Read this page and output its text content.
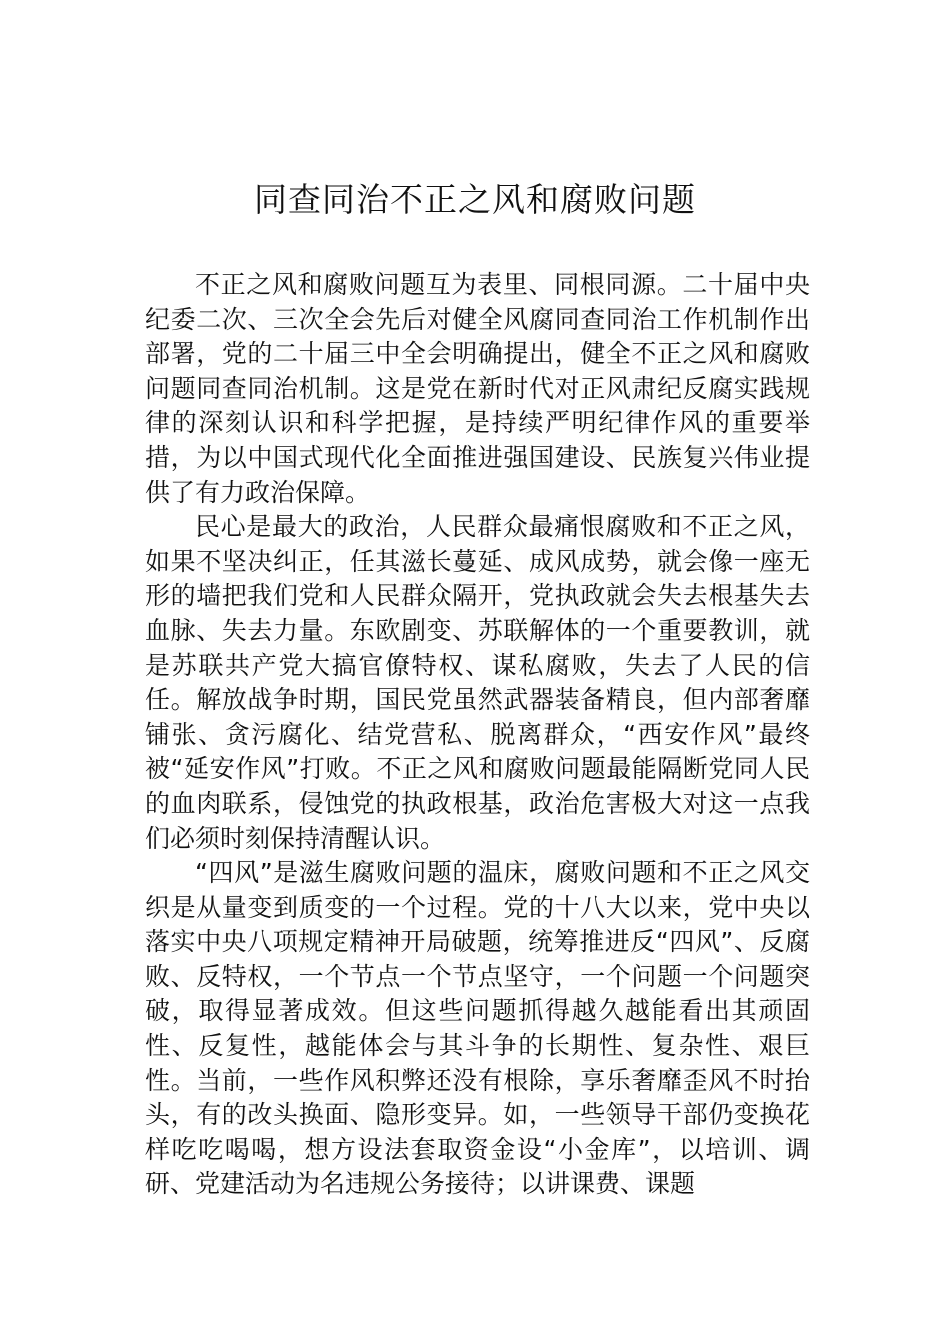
同查同治不正之风和腐败问题

不正之风和腐败问题互为表里、同根同源。二十届中央纪委二次、三次全会先后对健全风腐同查同治工作机制作出部署，党的二十届三中全会明确提出，健全不正之风和腐败问题同查同治机制。这是党在新时代对正风肃纪反腐实践规律的深刻认识和科学把握，是持续严明纪律作风的重要举措，为以中国式现代化全面推进强国建设、民族复兴伟业提供了有力政治保障。

民心是最大的政治，人民群众最痛恨腐败和不正之风，如果不坚决纠正，任其滋长蔓延、成风成势，就会像一座无形的墙把我们党和人民群众隔开，党执政就会失去根基失去血脉、失去力量。东欧剧变、苏联解体的一个重要教训，就是苏联共产党大搞官僚特权、谋私腐败，失去了人民的信任。解放战争时期，国民党虽然武器装备精良，但内部奢靡铺张、贪污腐化、结党营私、脱离群众，“西安作风”最终被“延安作风”打败。不正之风和腐败问题最能隔断党同人民的血肉联系，侵蚀党的执政根基，政治危害极大对这一点我们必须时刻保持清醒认识。

“四风”是滋生腐败问题的温床，腐败问题和不正之风交织是从量变到质变的一个过程。党的十八大以来，党中央以落实中央八项规定精神开局破题，统筹推进反“四风”、反腐败、反特权，一个节点一个节点坚守，一个问题一个问题突破，取得显著成效。但这些问题抓得越久越能看出其顽固性、反复性，越能体会与其斗争的长期性、复杂性、艰巨性。当前，一些作风积弊还没有根除，享乐奢靡歪风不时抬头，有的改头换面、隐形变异。如，一些领导干部仍变换花样吃吃喝喝，想方设法套取资金设“小金库”，以培训、调研、党建活动为名违规公务接待；以讲课费、课题
